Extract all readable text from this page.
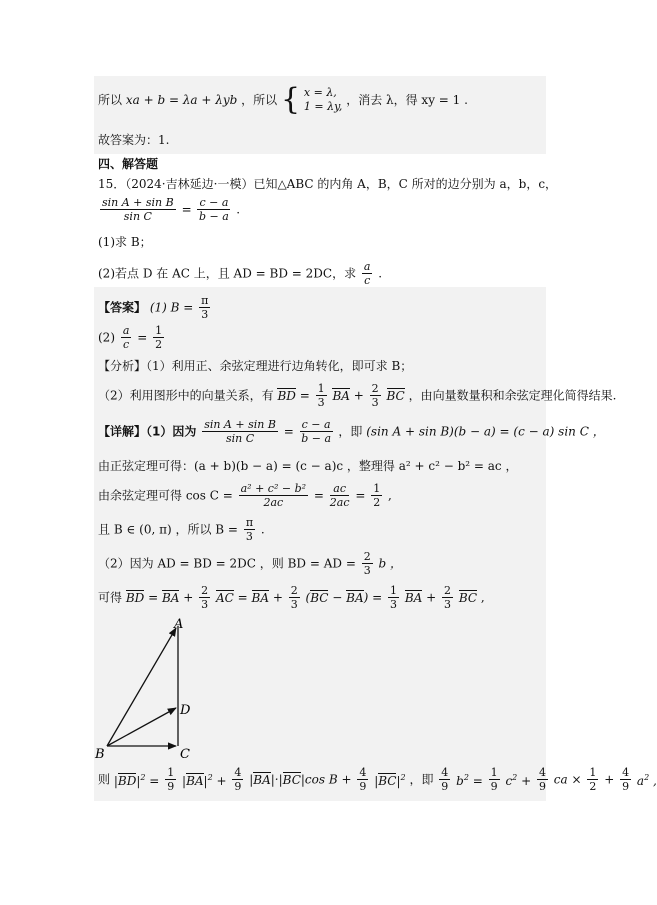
所以 xa + b = λa + λyb ，所以 { x = λ,
1 = λy, ，消去 λ，得 xy = 1 .
故答案为：1.
四、解答题
15．（2024·吉林延边·一模）已知△ABC 的内角 A，B，C 所对的边分别为 a，b，c，
$\frac{\text{sin A + sin B}}{\text{sin C}} = \frac{c - a}{b - a}$ .
(1)求 B；
(2)若点 D 在 AC 上，且 AD = BD = 2DC，求 $\frac{a}{c}$ .
【答案】 (1) $B = \frac{\pi}{3}$
$(2) \frac{a}{c} = \frac{1}{2}$
【分析】（1）利用正、余弦定理进行边角转化，即可求 B；
（2）利用图形中的向量关系，有 BD = $\frac{1}{3}$ BA + $\frac{2}{3}$ BC ，由向量数量积和余弦定理化简得结果.
【详解】（1）因为 $\frac{\text{sin A + sin B}}{\text{sin C}} = \frac{c - a}{b - a}$ ，即 (sin A + sin B)(b − a) = (c − a) sin C ，
由正弦定理可得：(a + b)(b − a) = (c − a)c ，整理得 a² + c² − b² = ac ，
由余弦定理可得 $\cos C = \frac{\text{a² + c² − b²}}{2ac} = \frac{ac}{2ac} = \frac{1}{2}$ ,
且 B ∈ (0, π) ，所以 $B = \frac{\pi}{3}$ .
（2）因为 AD = BD = 2DC ，则 BD = AD = $\frac{2}{3}$ b ，
可得 BD = BA + $\frac{2}{3}$ AC = BA + $\frac{2}{3} (BC - BA) = \frac{1}{3}$ BA + $\frac{2}{3}$ BC ,
A
B	C
D
则 $|BD|^2 = \frac{1}{9} |BA|^2 + \frac{4}{9} |BA|\cdot|BC|\cos$ $B + \frac{4}{9} |BC|^2$ ，即 $\frac{4}{9} b^2 = \frac{1}{9} c^2 + \frac{4}{9}$ ca × $\frac{1}{2} + \frac{4}{9} a^2$ ,
